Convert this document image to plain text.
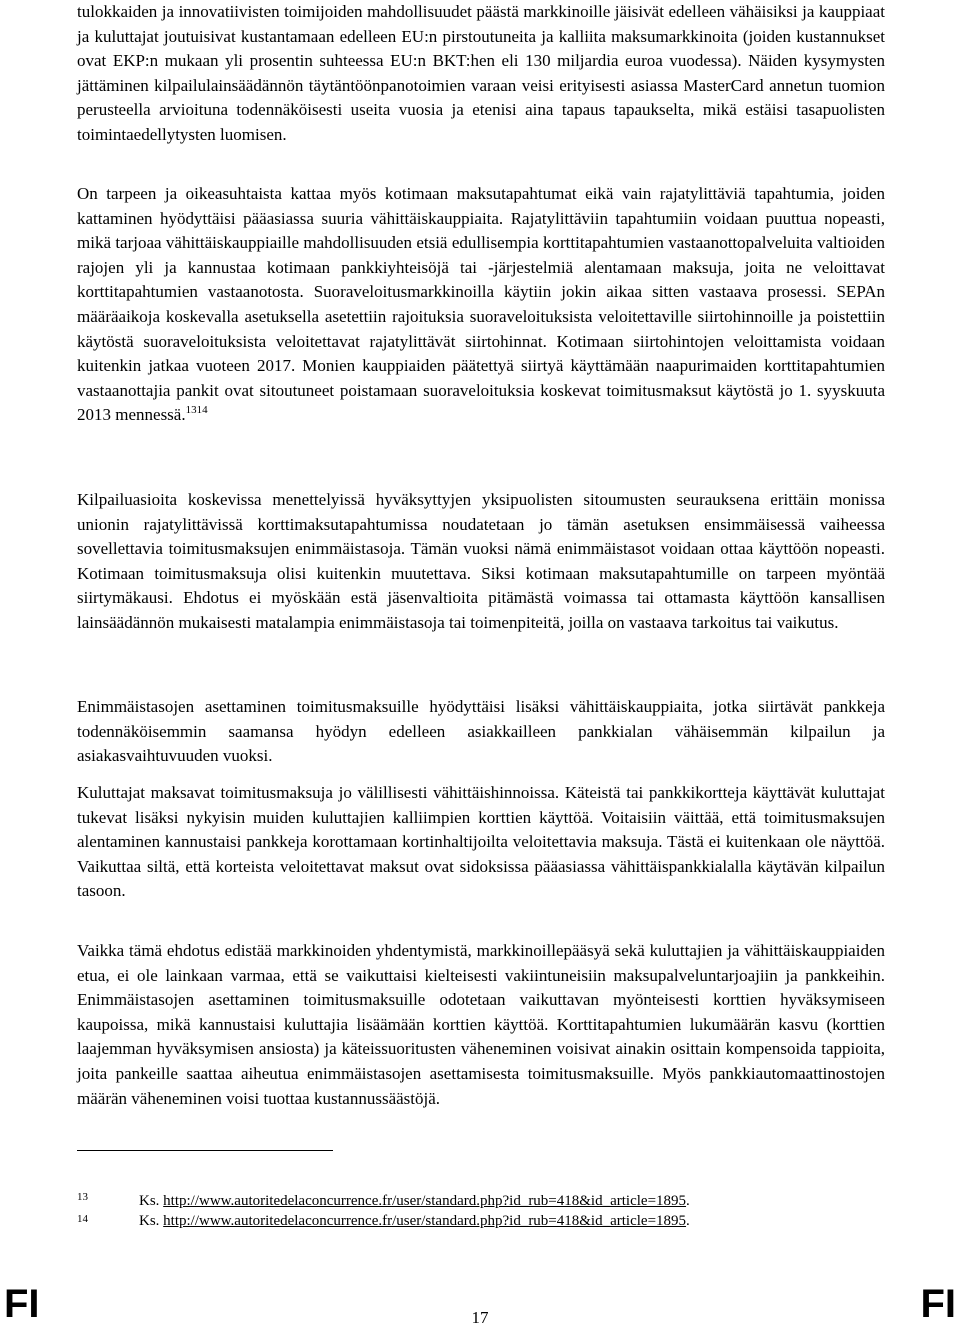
tulokkaiden ja innovatiivisten toimijoiden mahdollisuudet päästä markkinoille jäisivät edelleen vähäisiksi ja kauppiaat ja kuluttajat joutuisivat kustantamaan edelleen EU:n pirstoutuneita ja kalliita maksumarkkinoita (joiden kustannukset ovat EKP:n mukaan yli prosentin suhteessa EU:n BKT:hen eli 130 miljardia euroa vuodessa). Näiden kysymysten jättäminen kilpailulainsäädännön täytäntöönpanotoimien varaan veisi erityisesti asiassa MasterCard annetun tuomion perusteella arvioituna todennäköisesti useita vuosia ja etenisi aina tapaus tapaukselta, mikä estäisi tasapuolisten toimintaedellytysten luomisen.

On tarpeen ja oikeasuhtaista kattaa myös kotimaan maksutapahtumat eikä vain rajatylittäviä tapahtumia, joiden kattaminen hyödyttäisi pääasiassa suuria vähittäiskauppiaita. Rajatylittäviin tapahtumiin voidaan puuttua nopeasti, mikä tarjoaa vähittäiskauppiaille mahdollisuuden etsiä edullisempia korttitapahtumien vastaanottopalveluita valtioiden rajojen yli ja kannustaa kotimaan pankkiyhteisöjä tai -järjestelmiä alentamaan maksuja, joita ne veloittavat korttitapahtumien vastaanotosta. Suoraveloitusmarkkinoilla käytiin jokin aikaa sitten vastaava prosessi. SEPAn määräaikoja koskevalla asetuksella asetettiin rajoituksia suoraveloituksista veloitettaville siirtohinnoille ja poistettiin käytöstä suoraveloituksista veloitettavat rajatylittävät siirtohinnat. Kotimaan siirtohintojen veloittamista voidaan kuitenkin jatkaa vuoteen 2017. Monien kauppiaiden päätettyä siirtyä käyttämään naapurimaiden korttitapahtumien vastaanottajia pankit ovat sitoutuneet poistamaan suoraveloituksia koskevat toimitusmaksut käytöstä jo 1. syyskuuta 2013 mennessä.$^{1314}$

Kilpailuasioita koskevissa menettelyissä hyväksyttyjen yksipuolisten sitoumusten seurauksena erittäin monissa unionin rajatylittävissä korttimaksutapahtumissa noudatetaan jo tämän asetuksen ensimmäisessä vaiheessa sovellettavia toimitusmaksujen enimmäistasoja. Tämän vuoksi nämä enimmäistasot voidaan ottaa käyttöön nopeasti. Kotimaan toimitusmaksuja olisi kuitenkin muutettava. Siksi kotimaan maksutapahtumille on tarpeen myöntää siirtymäkausi. Ehdotus ei myöskään estä jäsenvaltioita pitämästä voimassa tai ottamasta käyttöön kansallisen lainsäädännön mukaisesti matalampia enimmäistasoja tai toimenpiteitä, joilla on vastaava tarkoitus tai vaikutus.

Enimmäistasojen asettaminen toimitusmaksuille hyödyttäisi lisäksi vähittäiskauppiaita, jotka siirtävät pankkeja todennäköisemmin saamansa hyödyn edelleen asiakkailleen pankkialan vähäisemmän kilpailun ja asiakasvaihtuvuuden vuoksi.

Kuluttajat maksavat toimitusmaksuja jo välillisesti vähittäishinnoissa. Käteistä tai pankkikortteja käyttävät kuluttajat tukevat lisäksi nykyisin muiden kuluttajien kalliimpien korttien käyttöä. Voitaisiin väittää, että toimitusmaksujen alentaminen kannustaisi pankkeja korottamaan kortinhaltijoilta veloitettavia maksuja. Tästä ei kuitenkaan ole näyttöä. Vaikuttaa siltä, että korteista veloitettavat maksut ovat sidoksissa pääasiassa vähittäispankkialalla käytävän kilpailun tasoon.

Vaikka tämä ehdotus edistää markkinoiden yhdentymistä, markkinoillepääsyä sekä kuluttajien ja vähittäiskauppiaiden etua, ei ole lainkaan varmaa, että se vaikuttaisi kielteisesti vakiintuneisiin maksupalveluntarjoajiin ja pankkeihin. Enimmäistasojen asettaminen toimitusmaksuille odotetaan vaikuttavan myönteisesti korttien hyväksymiseen kaupoissa, mikä kannustaisi kuluttajia lisäämään korttien käyttöä. Korttitapahtumien lukumäärän kasvu (korttien laajemman hyväksymisen ansiosta) ja käteissuoritusten väheneminen voisivat ainakin osittain kompensoida tappioita, joita pankeille saattaa aiheutua enimmäistasojen asettamisesta toimitusmaksuille. Myös pankkiautomaattinostojen määrän väheneminen voisi tuottaa kustannussäästöjä.

13	Ks. http://www.autoritedelaconcurrence.fr/user/standard.php?id_rub=418&id_article=1895.
14	Ks. http://www.autoritedelaconcurrence.fr/user/standard.php?id_rub=418&id_article=1895.
FI	17	FI
